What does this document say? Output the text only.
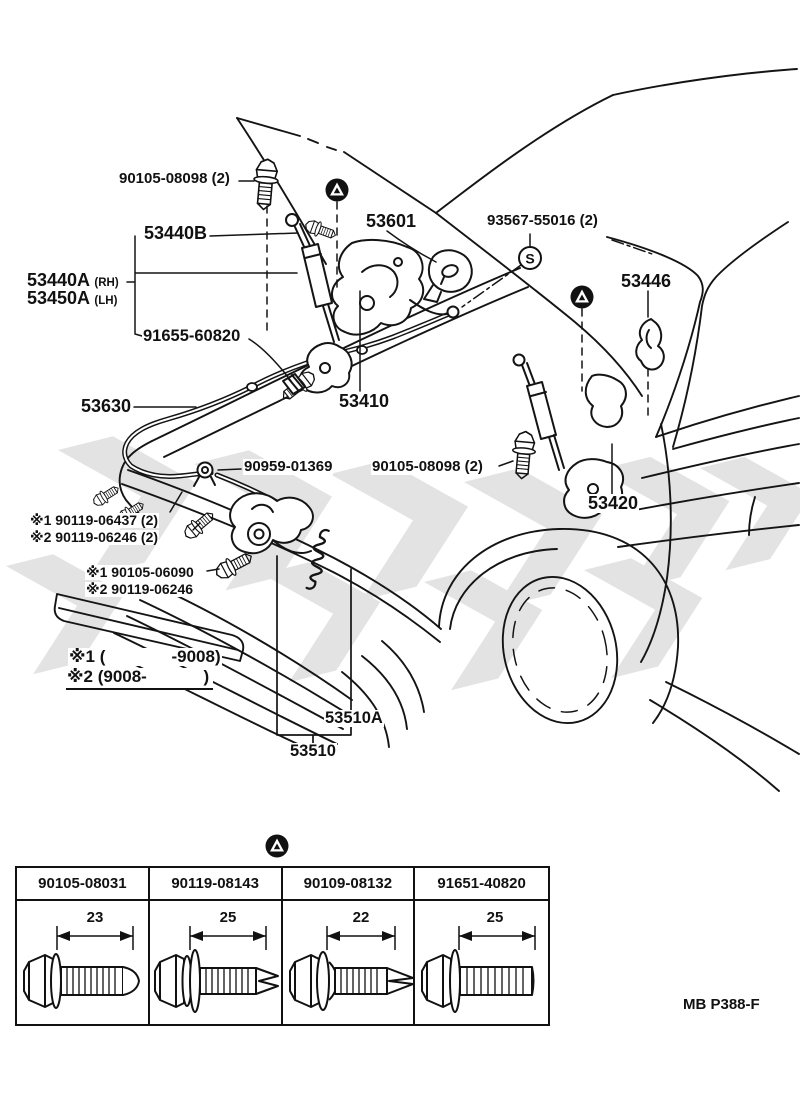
S
90105-08098 (2)
53440B
53440A (RH)
53450A (LH)
91655-60820
53601	93567-55016 (2)
53446
53630	53410
90959-01369	90105-08098 (2)
53420
※1 90119-06437 (2)
※2 90119-06246 (2)
※1 90105-06090
※2 90119-06246
※1 (              -9008)
※2 (9008-            )
53510A
53510
MB P388-F
90105-08031	90119-08143	90109-08132	91651-40820
23	25	22	25
